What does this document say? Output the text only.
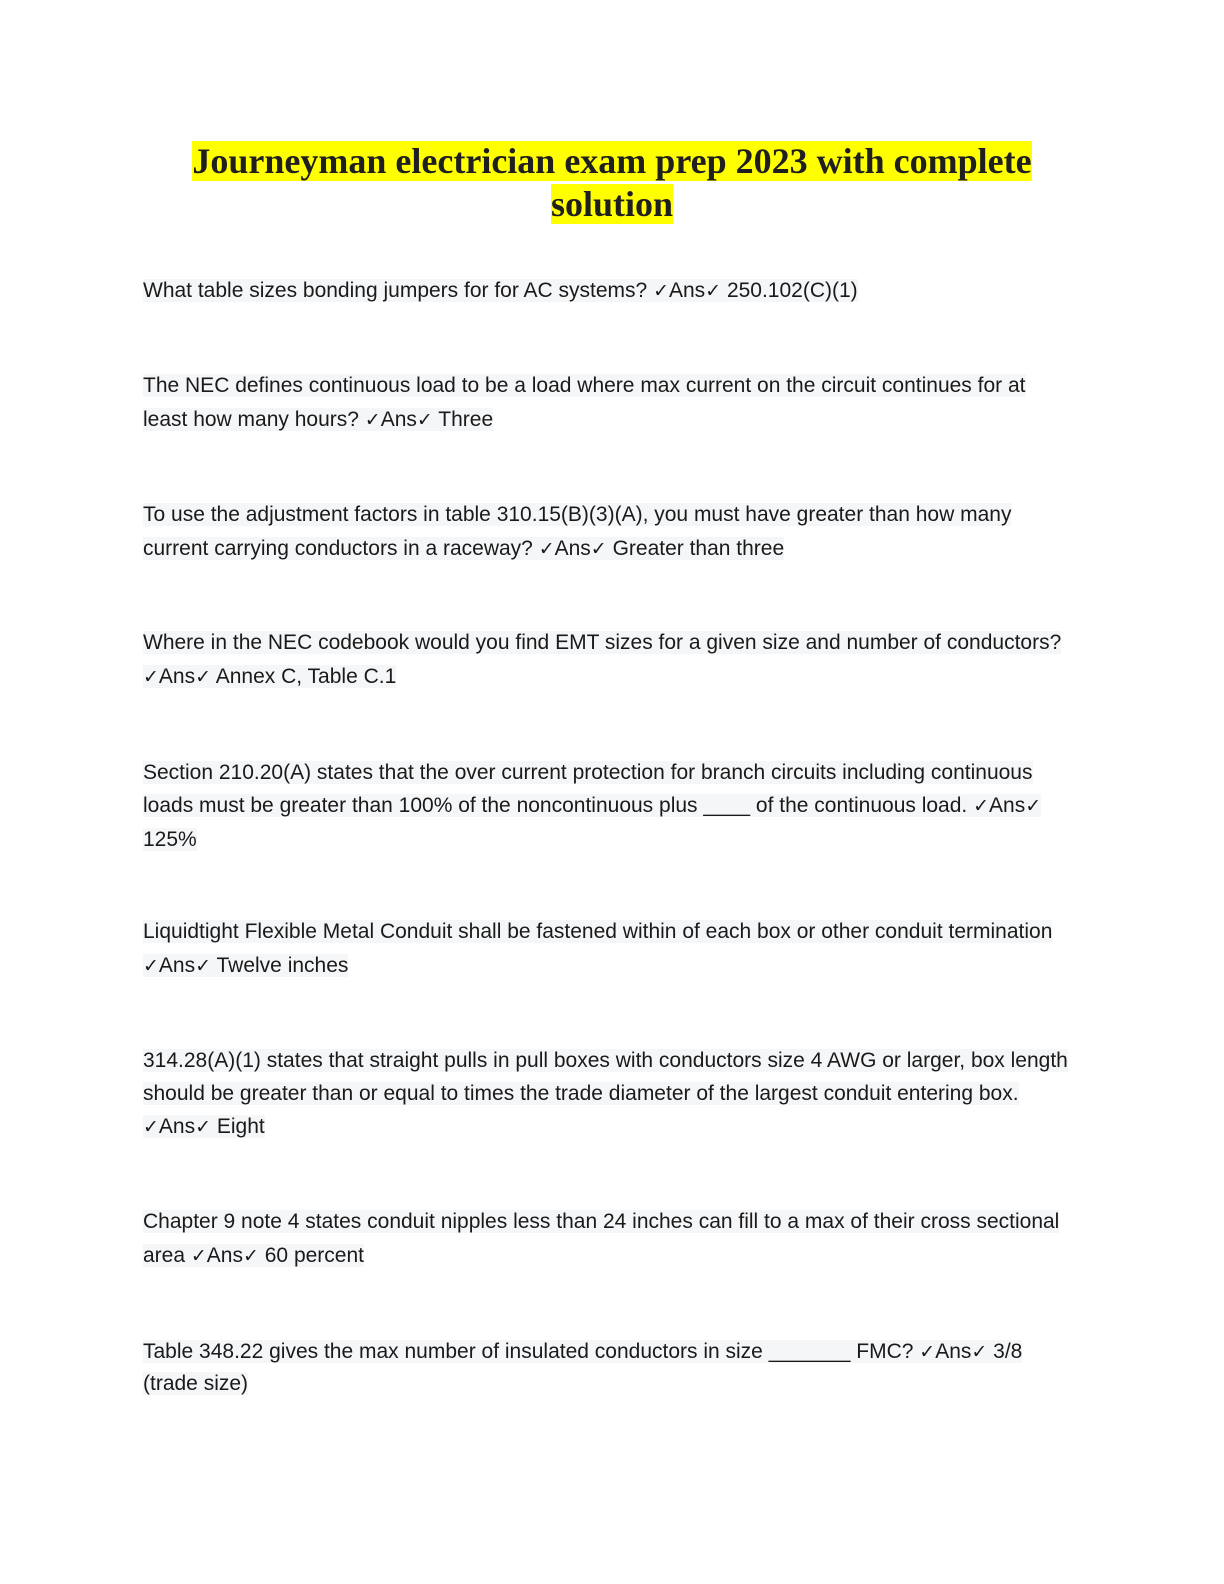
Journeyman electrician exam prep 2023 with complete solution

What table sizes bonding jumpers for for AC systems? ✓Ans✓ 250.102(C)(1)

The NEC defines continuous load to be a load where max current on the circuit continues for at least how many hours? ✓Ans✓ Three

To use the adjustment factors in table 310.15(B)(3)(A), you must have greater than how many current carrying conductors in a raceway? ✓Ans✓ Greater than three

Where in the NEC codebook would you find EMT sizes for a given size and number of conductors? ✓Ans✓ Annex C, Table C.1

Section 210.20(A) states that the over current protection for branch circuits including continuous loads must be greater than 100% of the noncontinuous plus ____ of the continuous load. ✓Ans✓ 125%

Liquidtight Flexible Metal Conduit shall be fastened within of each box or other conduit termination ✓Ans✓ Twelve inches

314.28(A)(1) states that straight pulls in pull boxes with conductors size 4 AWG or larger, box length should be greater than or equal to times the trade diameter of the largest conduit entering box. ✓Ans✓ Eight

Chapter 9 note 4 states conduit nipples less than 24 inches can fill to a max of their cross sectional area ✓Ans✓ 60 percent

Table 348.22 gives the max number of insulated conductors in size _______ FMC? ✓Ans✓ 3/8 (trade size)
